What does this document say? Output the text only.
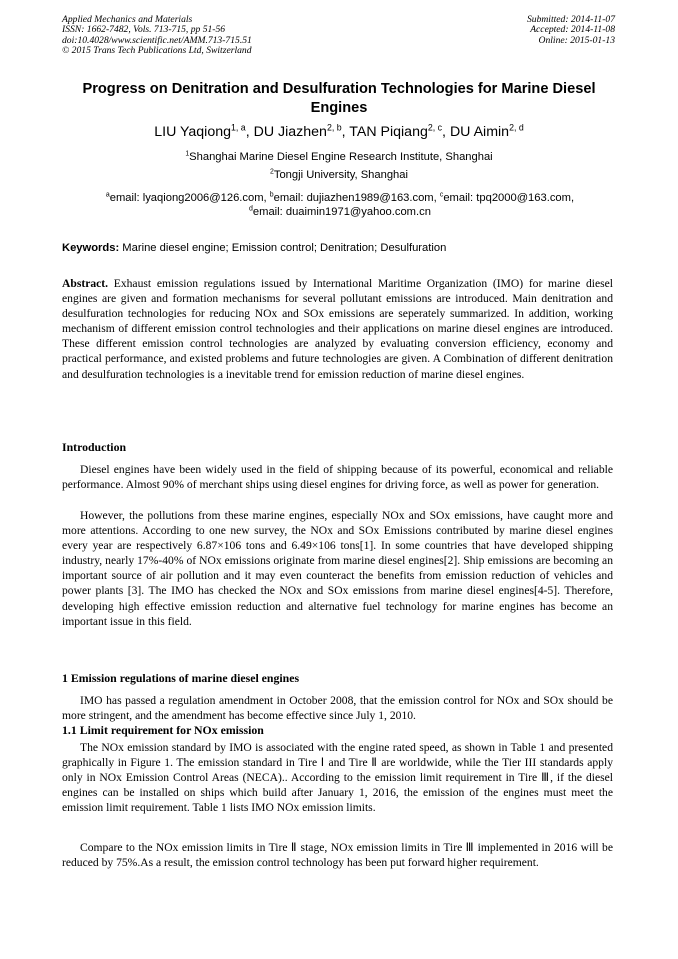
Applied Mechanics and Materials
ISSN: 1662-7482, Vols. 713-715, pp 51-56
doi:10.4028/www.scientific.net/AMM.713-715.51
© 2015 Trans Tech Publications Ltd, Switzerland
Submitted: 2014-11-07
Accepted: 2014-11-08
Online: 2015-01-13
Progress on Denitration and Desulfuration Technologies for Marine Diesel Engines
LIU Yaqiong$^{1, a}$, DU Jiazhen$^{2, b}$, TAN Piqiang$^{2, c}$, DU Aimin$^{2, d}$
$^1$Shanghai Marine Diesel Engine Research Institute, Shanghai
$^2$Tongji University, Shanghai
$^a$email: lyaqiong2006@126.com, $^b$email: dujiazhen1989@163.com, $^c$email: tpq2000@163.com,
$^d$email: duaimin1971@yahoo.com.cn
Keywords: Marine diesel engine; Emission control; Denitration; Desulfuration

Abstract. Exhaust emission regulations issued by International Maritime Organization (IMO) for marine diesel engines are given and formation mechanisms for several pollutant emissions are introduced. Main denitration and desulfuration technologies for reducing NOx and SOx emissions are seperately summarized. In addition, working mechanism of different emission control technologies and their applications on marine diesel engines are introduced. These different emission control technologies are analyzed by evaluating conversion efficiency, economy and practical performance, and existed problems and future technologies are given. A Combination of different denitration and desulfuration technologies is a inevitable trend for emission reduction of marine diesel engines.

Introduction

Diesel engines have been widely used in the field of shipping because of its powerful, economical and reliable performance. Almost 90% of merchant ships using diesel engines for driving force, as well as power for generation.

However, the pollutions from these marine engines, especially NOx and SOx emissions, have caught more and more attentions. According to one new survey, the NOx and SOx Emissions contributed by marine diesel engines every year are respectively 6.87×106 tons and 6.49×106 tons[1]. In some countries that have developed shipping industry, nearly 17%-40% of NOx emissions originate from marine diesel engines[2]. Ship emissions are becoming an important source of air pollution and it may even counteract the benefits from emission reduction of vehicles and power plants [3]. The IMO has checked the NOx and SOx emissions from marine diesel engines[4-5]. Therefore, developing high effective emission reduction and alternative fuel technology for marine engines has become an important issue in this field.

1 Emission regulations of marine diesel engines

IMO has passed a regulation amendment in October 2008, that the emission control for NOx and SOx should be more stringent, and the amendment has become effective since July 1, 2010.

1.1 Limit requirement for NOx emission

The NOx emission standard by IMO is associated with the engine rated speed, as shown in Table 1 and presented graphically in Figure 1. The emission standard in Tire Ⅰ and Tire Ⅱ are worldwide, while the Tier III standards apply only in NOx Emission Control Areas (NECA).. According to the emission limit requirement in Tire Ⅲ, if the diesel engines can be installed on ships which build after January 1, 2016, the emission of the engines must meet the emission limit requirement. Table 1 lists IMO NOx emission limits.

Compare to the NOx emission limits in Tire Ⅱ stage, NOx emission limits in Tire Ⅲ implemented in 2016 will be reduced by 75%.As a result, the emission control technology has been put forward higher requirement.
